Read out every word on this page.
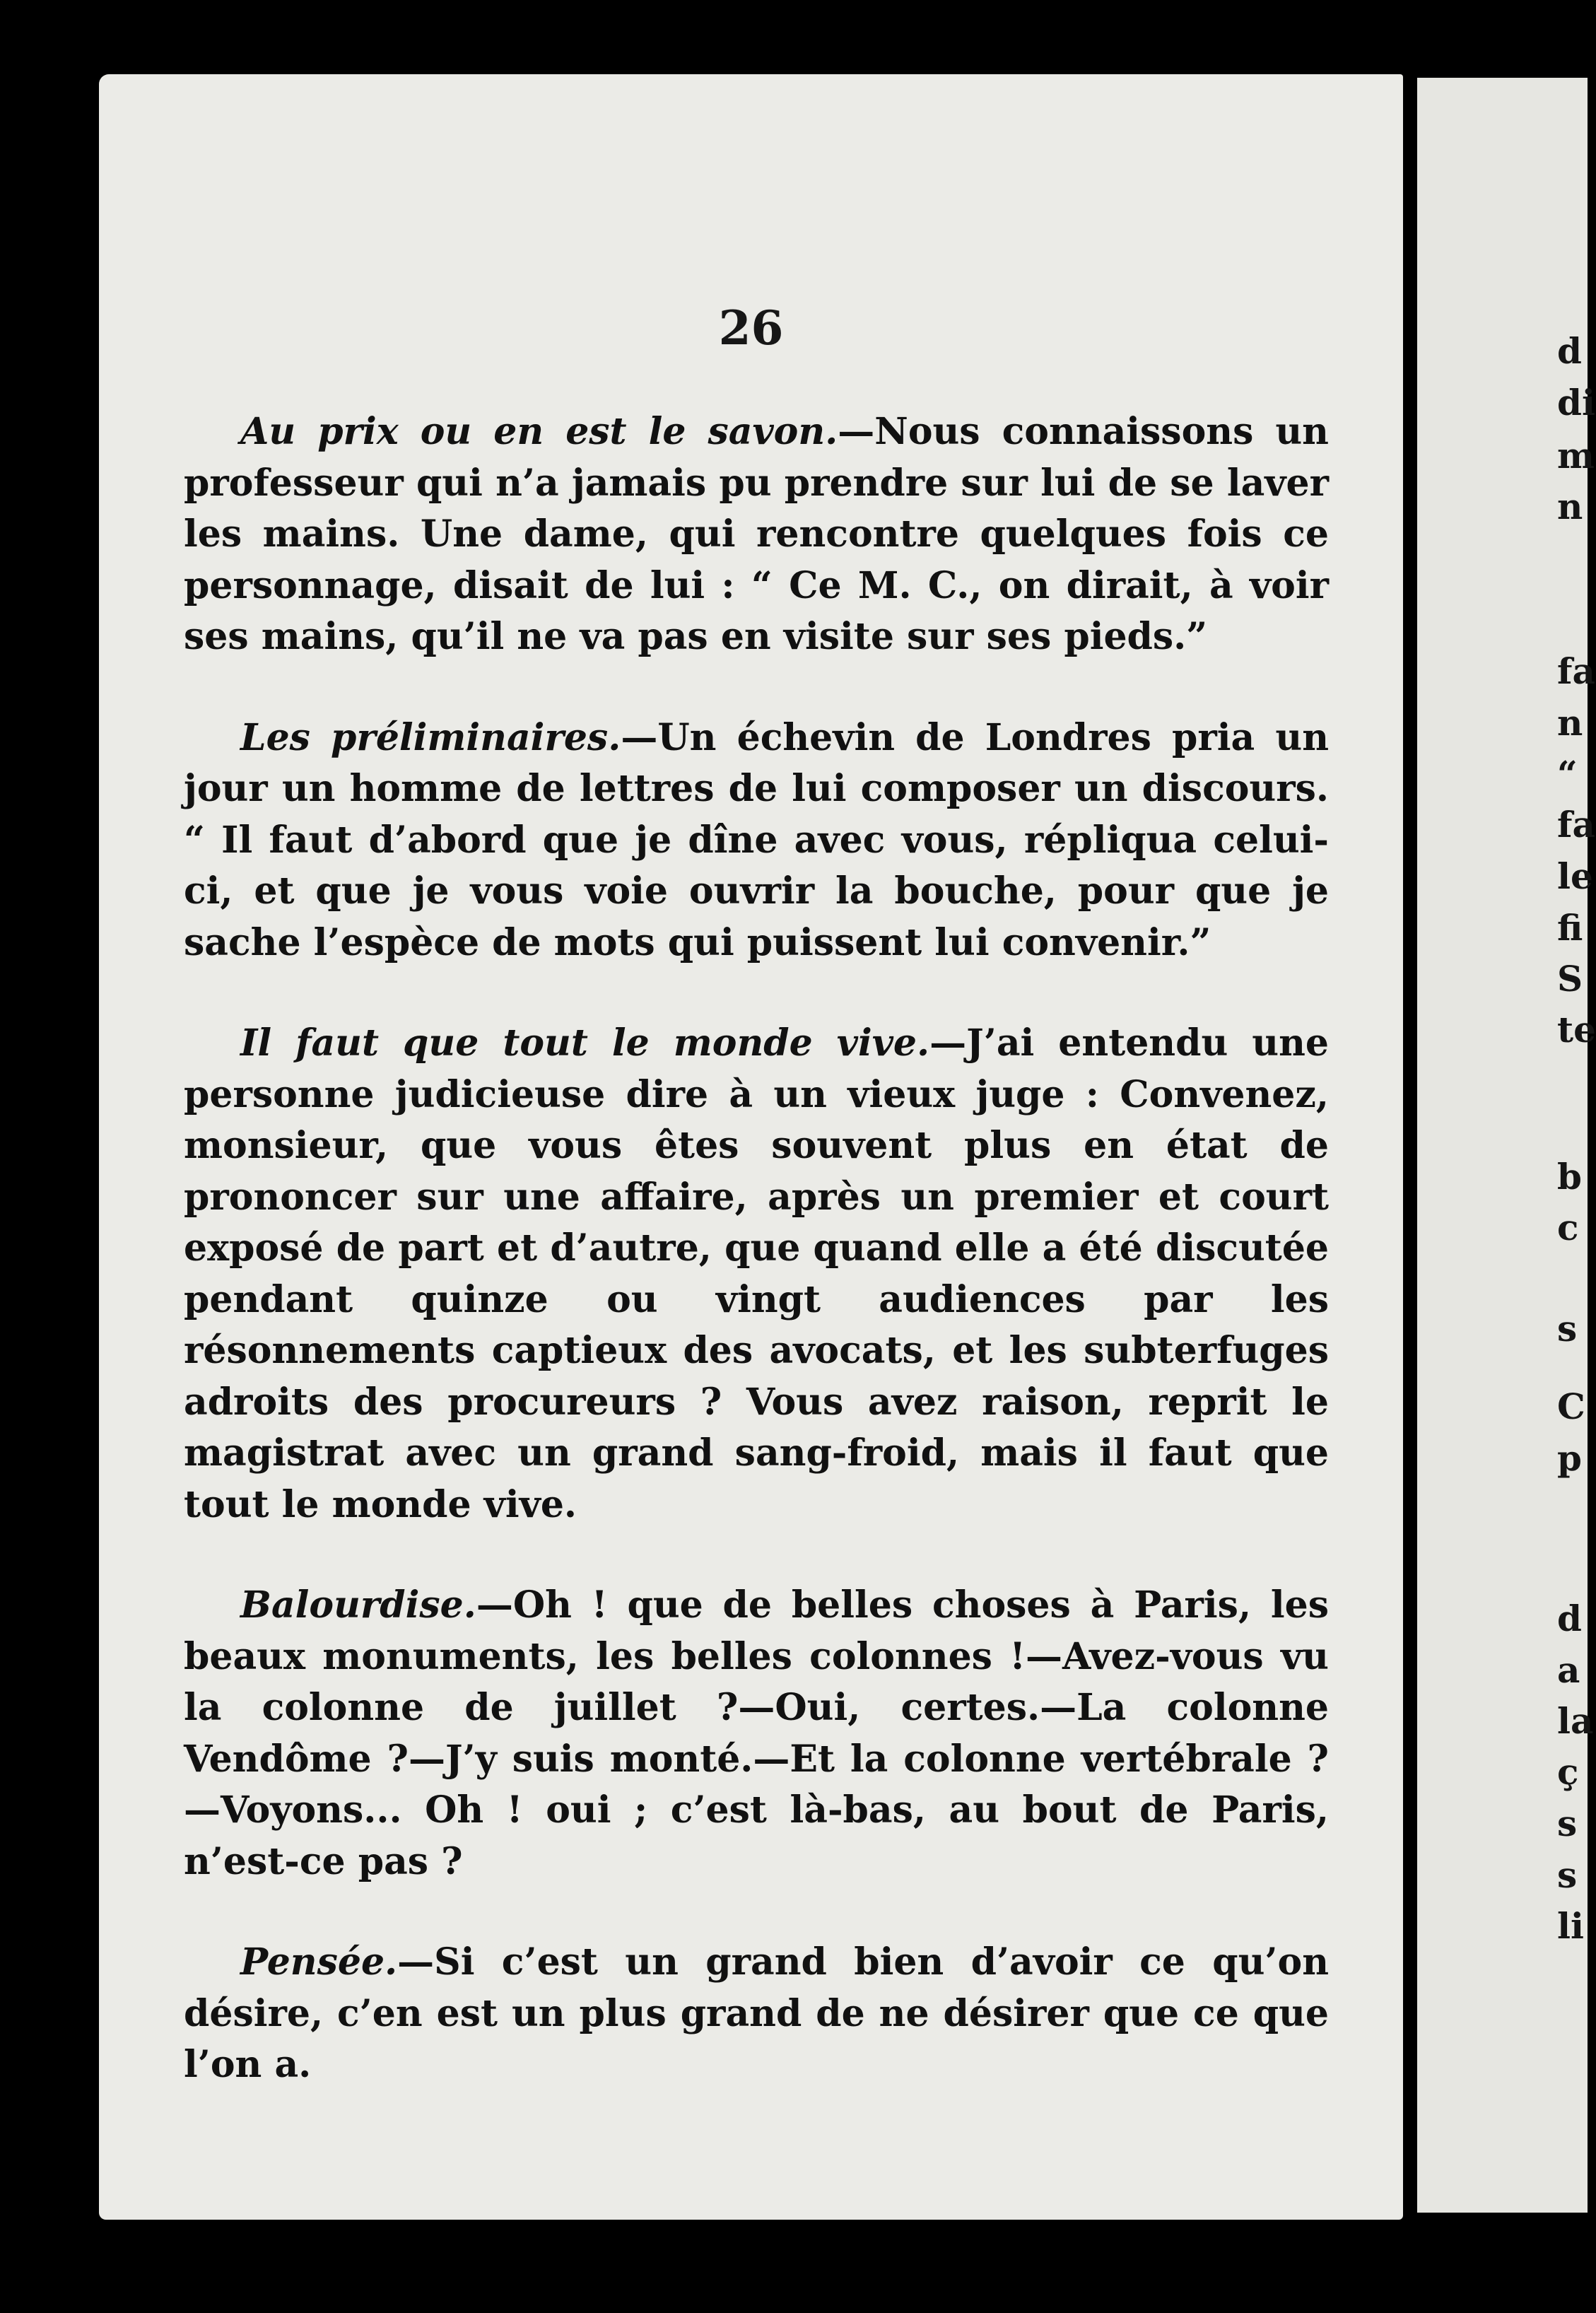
26

Au prix ou en est le savon.—Nous connaissons un professeur qui n’a jamais pu prendre sur lui de se laver les mains. Une dame, qui rencontre quelques fois ce personnage, disait de lui : “ Ce M. C., on dirait, à voir ses mains, qu’il ne va pas en visite sur ses pieds.”

Les préliminaires.—Un échevin de Londres pria un jour un homme de lettres de lui composer un discours. “ Il faut d’abord que je dîne avec vous, répliqua celui-ci, et que je vous voie ouvrir la bouche, pour que je sache l’espèce de mots qui puissent lui convenir.”

Il faut que tout le monde vive.—J’ai entendu une personne judicieuse dire à un vieux juge : Convenez, monsieur, que vous êtes souvent plus en état de prononcer sur une affaire, après un premier et court exposé de part et d’autre, que quand elle a été discutée pendant quinze ou vingt audiences par les résonnements captieux des avocats, et les subterfuges adroits des procureurs ? Vous avez raison, reprit le magistrat avec un grand sang-froid, mais il faut que tout le monde vive.

Balourdise.—Oh ! que de belles choses à Paris, les beaux monuments, les belles colonnes !—Avez-vous vu la colonne de juillet ?—Oui, certes.—La colonne Vendôme ?—J’y suis monté.—Et la colonne vertébrale ?—Voyons... Oh ! oui ; c’est là-bas, au bout de Paris, n’est-ce pas ?

Pensée.—Si c’est un grand bien d’avoir ce qu’on désire, c’en est un plus grand de ne désirer que ce que l’on a.

d

di

m

n

fa

n

“

fa

le

fi

S

te

b

c

s

C

p

d

a

la

ç

s

s

li
